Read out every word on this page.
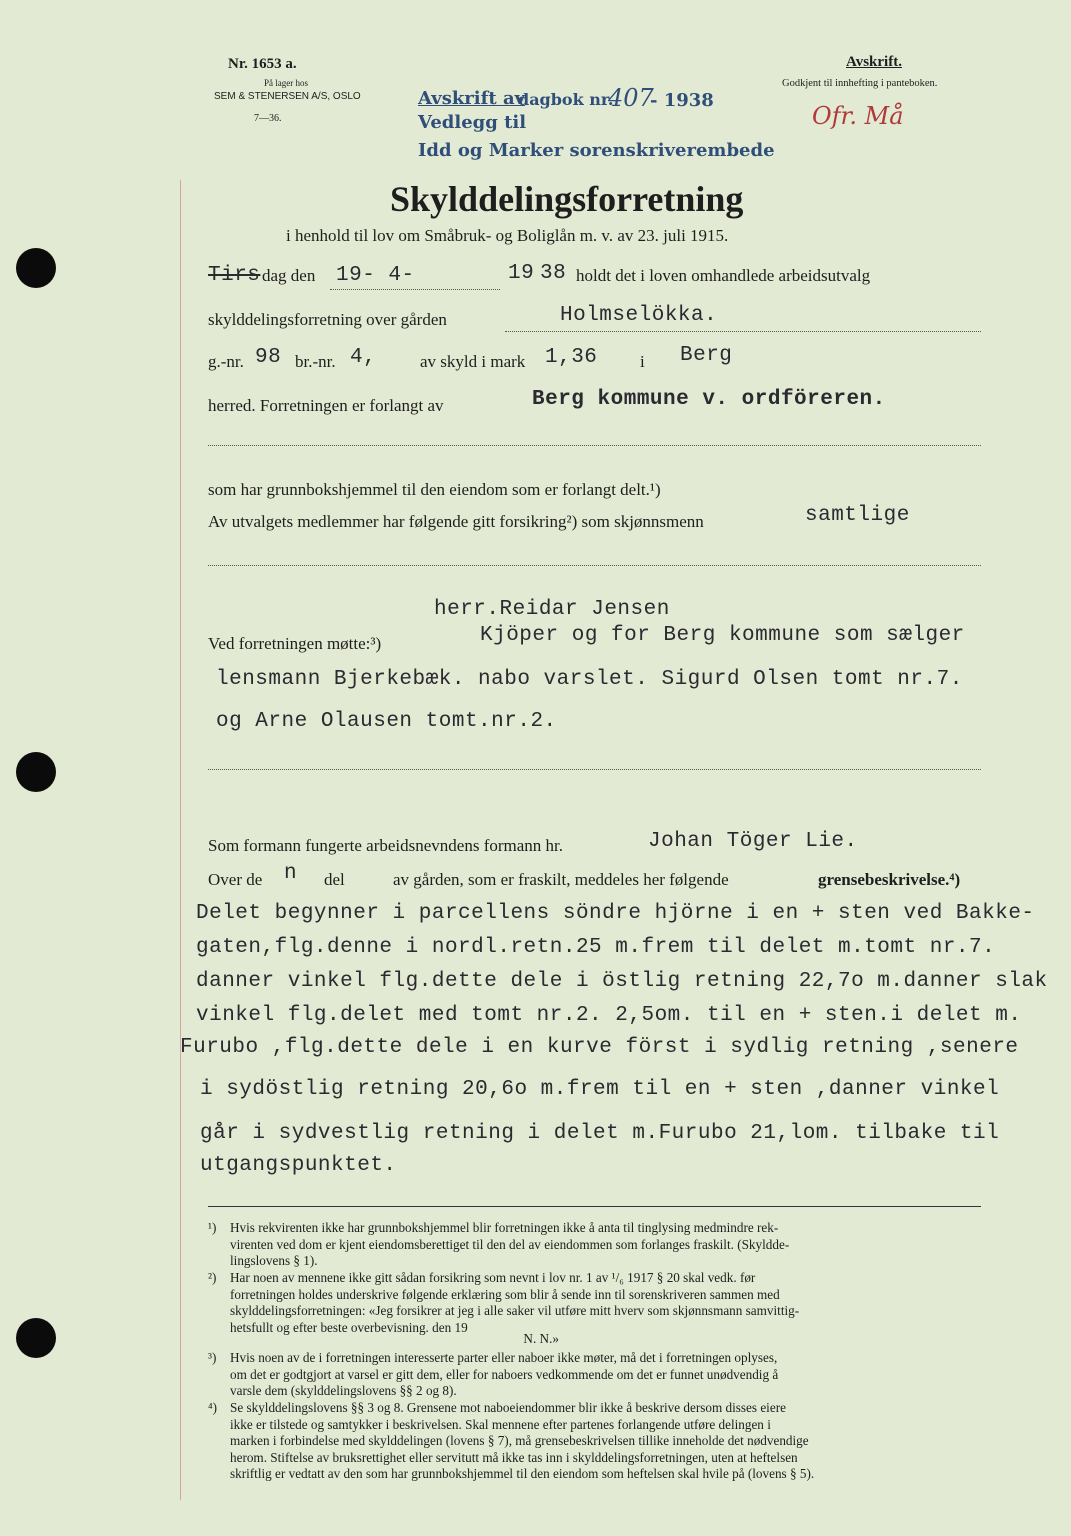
Nr. 1653 a.
På lager hos
SEM & STENERSEN A/S, OSLO
7—36.
Avskrift.
Godkjent til innhefting i panteboken.
Ofr. Må
Avskrift av
dagbok nr.
407
- 1938
Vedlegg til
Idd og Marker sorenskriverembede
Skylddelingsforretning
i henhold til lov om Småbruk- og Boliglån m. v. av 23. juli 1915.
Tirs dag den 19- 4-	19 38 holdt det i loven omhandlede arbeidsutvalg
skylddelingsforretning over gården	Holmselökka.
g.-nr. 98 br.-nr. 4,	av skyld i mark 1,36	i Berg
herred. Forretningen er forlangt av	Berg kommune v. ordföreren.
som har grunnbokshjemmel til den eiendom som er forlangt delt.¹)
Av utvalgets medlemmer har følgende gitt forsikring²) som skjønnsmenn	samtlige
herr.Reidar Jensen
Ved forretningen møtte:³)	Kjöper og for Berg kommune som sælger
lensmann Bjerkebæk. nabo varslet. Sigurd Olsen tomt nr.7.
og Arne Olausen tomt.nr.2.
Som formann fungerte arbeidsnevndens formann hr.	Johan Töger Lie.
Over de n del	av gården, som er fraskilt, meddeles her følgende	grensebeskrivelse.⁴)
Delet begynner i parcellens söndre hjörne i en + sten ved Bakke-
gaten,flg.denne i nordl.retn.25 m.frem til delet m.tomt nr.7.
danner vinkel flg.dette dele i östlig retning 22,7o m.danner slak
vinkel flg.delet med tomt nr.2. 2,5om. til en + sten.i delet m.
Furubo ,flg.dette dele i en kurve först i sydlig retning ,senere
i sydöstlig retning 20,6o m.frem til en + sten ,danner vinkel
går i sydvestlig retning i delet m.Furubo 21,lom. tilbake til
utgangspunktet.
¹) Hvis rekvirenten ikke har grunnbokshjemmel blir forretningen ikke å anta til tinglysing medmindre rek-
virenten ved dom er kjent eiendomsberettiget til den del av eiendommen som forlanges fraskilt. (Skyldde-
lingslovens § 1).
²) Har noen av mennene ikke gitt sådan forsikring som nevnt i lov nr. 1 av ¹/₆ 1917 § 20 skal vedk. før
forretningen holdes underskrive følgende erklæring som blir å sende inn til sorenskriveren sammen med
skylddelingsforretningen: «Jeg forsikrer at jeg i alle saker vil utføre mitt hverv som skjønnsmann samvittig-
hetsfullt og efter beste overbevisning. den 19
N. N.»
³) Hvis noen av de i forretningen interesserte parter eller naboer ikke møter, må det i forretningen oplyses,
om det er godtgjort at varsel er gitt dem, eller for naboers vedkommende om det er funnet unødvendig å
varsle dem (skylddelingslovens §§ 2 og 8).
⁴) Se skylddelingslovens §§ 3 og 8. Grensene mot naboeiendommer blir ikke å beskrive dersom disses eiere
ikke er tilstede og samtykker i beskrivelsen. Skal mennene efter partenes forlangende utføre delingen i
marken i forbindelse med skylddelingen (lovens § 7), må grensebeskrivelsen tillike inneholde det nødvendige
herom. Stiftelse av bruksrettighet eller servitutt må ikke tas inn i skylddelingsforretningen, uten at heftelsen
skriftlig er vedtatt av den som har grunnbokshjemmel til den eiendom som heftelsen skal hvile på (lovens § 5).
